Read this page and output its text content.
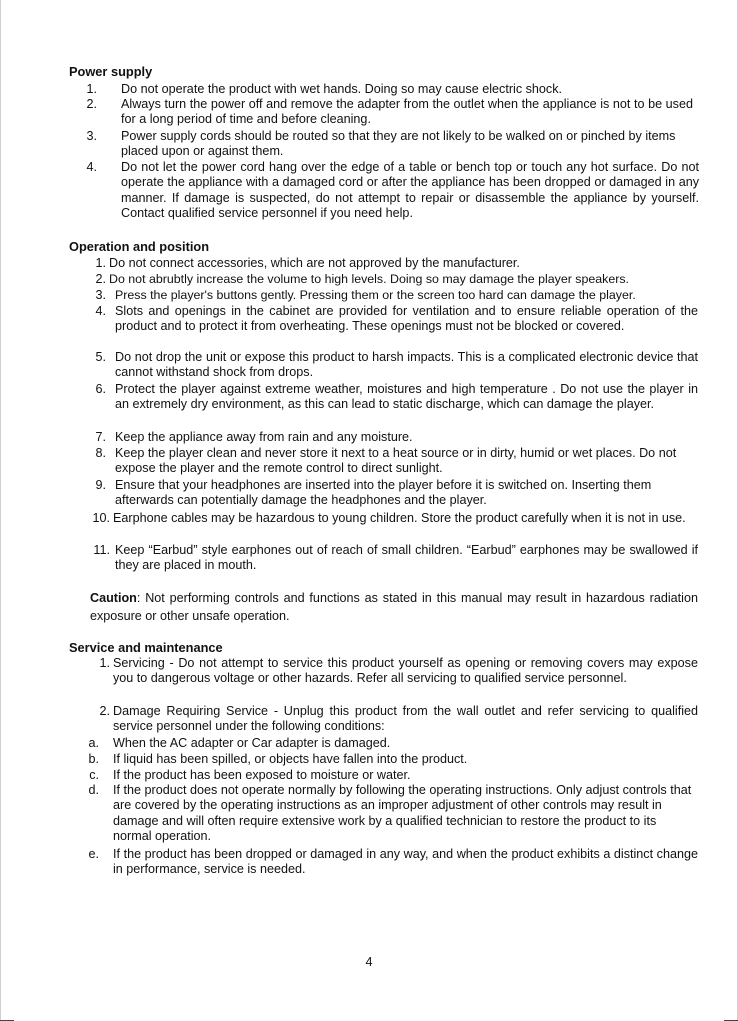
Power supply
1. Do not operate the product with wet hands. Doing so may cause electric shock.
2. Always turn the power off and remove the adapter from the outlet when the appliance is not to be used for a long period of time and before cleaning.
3. Power supply cords should be routed so that they are not likely to be walked on or pinched by items placed upon or against them.
4. Do not let the power cord hang over the edge of a table or bench top or touch any hot surface. Do not operate the appliance with a damaged cord or after the appliance has been dropped or damaged in any manner. If damage is suspected, do not attempt to repair or disassemble the appliance by yourself. Contact qualified service personnel if you need help.
Operation and position
1. Do not connect accessories, which are not approved by the manufacturer.
2. Do not abrubtly increase the volume to high levels. Doing so may damage the player speakers.
3. Press the player's buttons gently. Pressing them or the screen too hard can damage the player.
4. Slots and openings in the cabinet are provided for ventilation and to ensure reliable operation of the product and to protect it from overheating. These openings must not be blocked or covered.
5. Do not drop the unit or expose this product to harsh impacts. This is a complicated electronic device that cannot withstand shock from drops.
6. Protect the player against extreme weather, moistures and high temperature . Do not use the player in an extremely dry environment, as this can lead to static discharge, which can damage the player.
7. Keep the appliance away from rain and any moisture.
8. Keep the player clean and never store it next to a heat source or in dirty, humid or wet places. Do not expose the player and the remote control to direct sunlight.
9. Ensure that your headphones are inserted into the player before it is switched on. Inserting them afterwards can potentially damage the headphones and the player.
10. Earphone cables may be hazardous to young children. Store the product carefully when it is not in use.
11. Keep “Earbud” style earphones out of reach of small children. “Earbud” earphones may be swallowed if they are placed in mouth.
Caution: Not performing controls and functions as stated in this manual may result in hazardous radiation exposure or other unsafe operation.
Service and maintenance
1. Servicing - Do not attempt to service this product yourself as opening or removing covers may expose you to dangerous voltage or other hazards. Refer all servicing to qualified service personnel.
2. Damage Requiring Service - Unplug this product from the wall outlet and refer servicing to qualified service personnel under the following conditions:
a. When the AC adapter or Car adapter is damaged.
b. If liquid has been spilled, or objects have fallen into the product.
c. If the product has been exposed to moisture or water.
d. If the product does not operate normally by following the operating instructions. Only adjust controls that are covered by the operating instructions as an improper adjustment of other controls may result in damage and will often require extensive work by a qualified technician to restore the product to its normal operation.
e. If the product has been dropped or damaged in any way, and when the product exhibits a distinct change in performance, service is needed.
4
